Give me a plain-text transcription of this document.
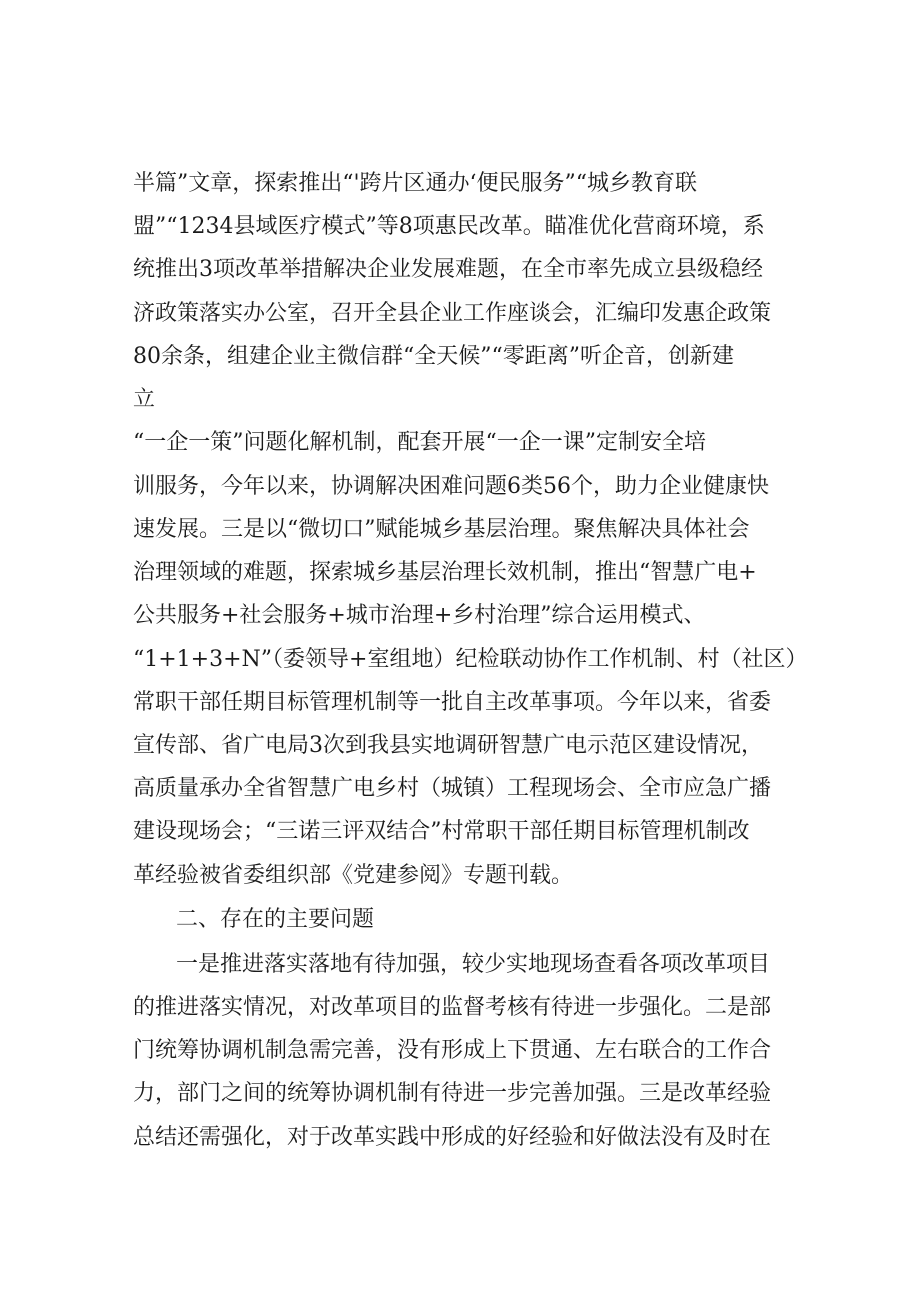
半篇”文章，探索推出“'跨片区通办‘便民服务”“城乡教育联
盟”“1234县域医疗模式”等8项惠民改革。瞄准优化营商环境，系
统推出3项改革举措解决企业发展难题，在全市率先成立县级稳经
济政策落实办公室，召开全县企业工作座谈会，汇编印发惠企政策
80余条，组建企业主微信群“全天候”“零距离”听企音，创新建
立
“一企一策”问题化解机制，配套开展“一企一课”定制安全培
训服务，今年以来，协调解决困难问题6类56个，助力企业健康快
速发展。三是以“微切口”赋能城乡基层治理。聚焦解决具体社会
治理领域的难题，探索城乡基层治理长效机制，推出“智慧广电+
公共服务+社会服务+城市治理+乡村治理”综合运用模式、
“1+1+3+N”（委领导+室组地）纪检联动协作工作机制、村（社区）
常职干部任期目标管理机制等一批自主改革事项。今年以来，省委
宣传部、省广电局3次到我县实地调研智慧广电示范区建设情况，
高质量承办全省智慧广电乡村（城镇）工程现场会、全市应急广播
建设现场会；“三诺三评双结合”村常职干部任期目标管理机制改
革经验被省委组织部《党建参阅》专题刊载。
二、存在的主要问题
一是推进落实落地有待加强，较少实地现场查看各项改革项目
的推进落实情况，对改革项目的监督考核有待进一步强化。二是部
门统筹协调机制急需完善，没有形成上下贯通、左右联合的工作合
力，部门之间的统筹协调机制有待进一步完善加强。三是改革经验
总结还需强化，对于改革实践中形成的好经验和好做法没有及时在
